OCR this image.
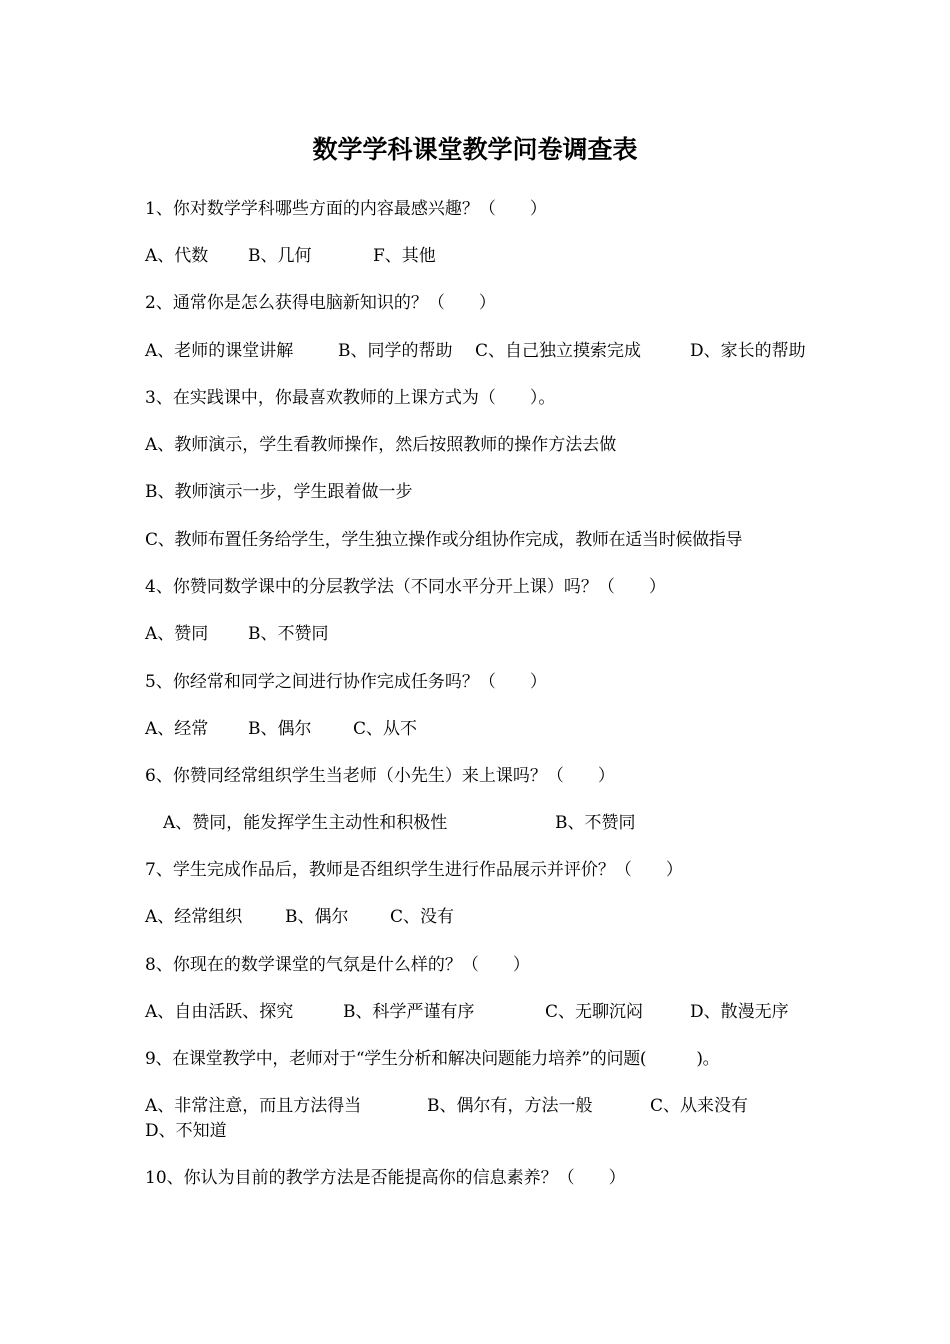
数学学科课堂教学问卷调查表
1、你对数学学科哪些方面的内容最感兴趣？（　　）
A、代数 B、几何	F、其他
2、通常你是怎么获得电脑新知识的？（　　）
A、老师的课堂讲解	B、同学的帮助 C、自己独立摸索完成	D、家长的帮助
3、在实践课中，你最喜欢教师的上课方式为（　　）。
A、教师演示，学生看教师操作，然后按照教师的操作方法去做
B、教师演示一步，学生跟着做一步
C、教师布置任务给学生，学生独立操作或分组协作完成，教师在适当时候做指导
4、你赞同数学课中的分层教学法（不同水平分开上课）吗？（　　）
A、赞同 B、不赞同
5、你经常和同学之间进行协作完成任务吗？（　　）
A、经常 B、偶尔 C、从不
6、你赞同经常组织学生当老师（小先生）来上课吗？（　　）
A、赞同，能发挥学生主动性和积极性	B、不赞同
7、学生完成作品后，教师是否组织学生进行作品展示并评价？（　　）
A、经常组织	B、偶尔 C、没有
8、你现在的数学课堂的气氛是什么样的？（　　）
A、自由活跃、探究	B、科学严谨有序	C、无聊沉闷	D、散漫无序
9、在课堂教学中，老师对于“学生分析和解决问题能力培养”的问题(　　　)。
A、非常注意，而且方法得当	B、偶尔有，方法一般	C、从来没有
D、不知道
10、你认为目前的教学方法是否能提高你的信息素养？（　　）
